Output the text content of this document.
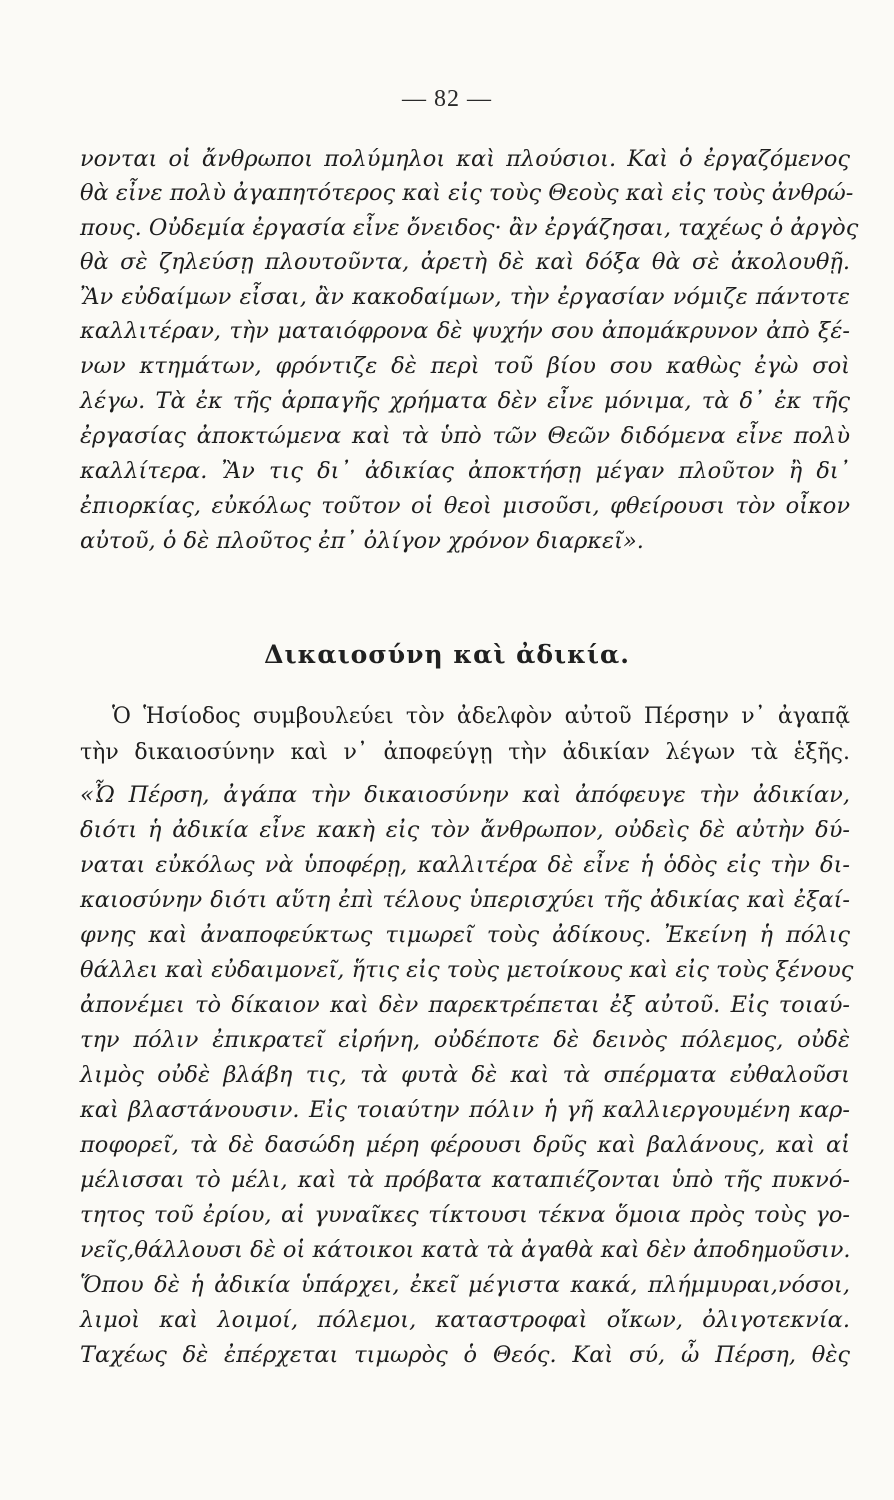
— 82 —
νονται οἱ ἄνθρωποι πολύμηλοι καὶ πλούσιοι. Καὶ ὁ ἐργαζόμενος
θὰ εἶνε πολὺ ἀγαπητότερος καὶ εἰς τοὺς Θεοὺς καὶ εἰς τοὺς ἀνθρώ-
πους. Οὐδεμία ἐργασία εἶνε ὄνειδος· ἂν ἐργάζησαι, ταχέως ὁ ἀργὸς
θὰ σὲ ζηλεύσῃ πλουτοῦντα, ἀρετὴ δὲ καὶ δόξα θὰ σὲ ἀκολουθῇ.
Ἂν εὐδαίμων εἶσαι, ἂν κακοδαίμων, τὴν ἐργασίαν νόμιζε πάντοτε
καλλιτέραν, τὴν ματαιόφρονα δὲ ψυχήν σου ἀπομάκρυνον ἀπὸ ξέ-
νων κτημάτων, φρόντιζε δὲ περὶ τοῦ βίου σου καθὼς ἐγὼ σοὶ
λέγω. Τὰ ἐκ τῆς ἁρπαγῆς χρήματα δὲν εἶνε μόνιμα, τὰ δ᾽ ἐκ τῆς
ἐργασίας ἀποκτώμενα καὶ τὰ ὑπὸ τῶν Θεῶν διδόμενα εἶνε πολὺ
καλλίτερα. Ἂν τις δι᾽ ἀδικίας ἀποκτήσῃ μέγαν πλοῦτον ἢ δι᾽
ἐπιορκίας, εὐκόλως τοῦτον οἱ θεοὶ μισοῦσι, φθείρουσι τὸν οἶκον
αὐτοῦ, ὁ δὲ πλοῦτος ἐπ᾽ ὀλίγον χρόνον διαρκεῖ».
Δικαιοσύνη καὶ ἀδικία.
Ὁ Ἡσίοδος συμβουλεύει τὸν ἀδελφὸν αὐτοῦ Πέρσην ν᾽ ἀγαπᾷ
τὴν δικαιοσύνην καὶ ν᾽ ἀποφεύγῃ τὴν ἀδικίαν λέγων τὰ ἑξῆς.
«Ὦ Πέρση, ἀγάπα τὴν δικαιοσύνην καὶ ἀπόφευγε τὴν ἀδικίαν,
διότι ἡ ἀδικία εἶνε κακὴ εἰς τὸν ἄνθρωπον, οὐδεὶς δὲ αὐτὴν δύ-
ναται εὐκόλως νὰ ὑποφέρῃ, καλλιτέρα δὲ εἶνε ἡ ὁδὸς εἰς τὴν δι-
καιοσύνην διότι αὕτη ἐπὶ τέλους ὑπερισχύει τῆς ἀδικίας καὶ ἐξαί-
φνης καὶ ἀναποφεύκτως τιμωρεῖ τοὺς ἀδίκους. Ἐκείνη ἡ πόλις
θάλλει καὶ εὐδαιμονεῖ, ἥτις εἰς τοὺς μετοίκους καὶ εἰς τοὺς ξένους
ἀπονέμει τὸ δίκαιον καὶ δὲν παρεκτρέπεται ἐξ αὐτοῦ. Εἰς τοιαύ-
την πόλιν ἐπικρατεῖ εἰρήνη, οὐδέποτε δὲ δεινὸς πόλεμος, οὐδὲ
λιμὸς οὐδὲ βλάβη τις, τὰ φυτὰ δὲ καὶ τὰ σπέρματα εὐθαλοῦσι
καὶ βλαστάνουσιν. Εἰς τοιαύτην πόλιν ἡ γῆ καλλιεργουμένη καρ-
ποφορεῖ, τὰ δὲ δασώδη μέρη φέρουσι δρῦς καὶ βαλάνους, καὶ αἱ
μέλισσαι τὸ μέλι, καὶ τὰ πρόβατα καταπιέζονται ὑπὸ τῆς πυκνό-
τητος τοῦ ἐρίου, αἱ γυναῖκες τίκτουσι τέκνα ὅμοια πρὸς τοὺς γο-
νεῖς,θάλλουσι δὲ οἱ κάτοικοι κατὰ τὰ ἀγαθὰ καὶ δὲν ἀποδημοῦσιν.
Ὅπου δὲ ἡ ἀδικία ὑπάρχει, ἐκεῖ μέγιστα κακά, πλήμμυραι,νόσοι,
λιμοὶ καὶ λοιμοί, πόλεμοι, καταστροφαὶ οἴκων, ὀλιγοτεκνία.
Ταχέως δὲ ἐπέρχεται τιμωρὸς ὁ Θεός. Καὶ σύ, ὦ Πέρση, θὲς
